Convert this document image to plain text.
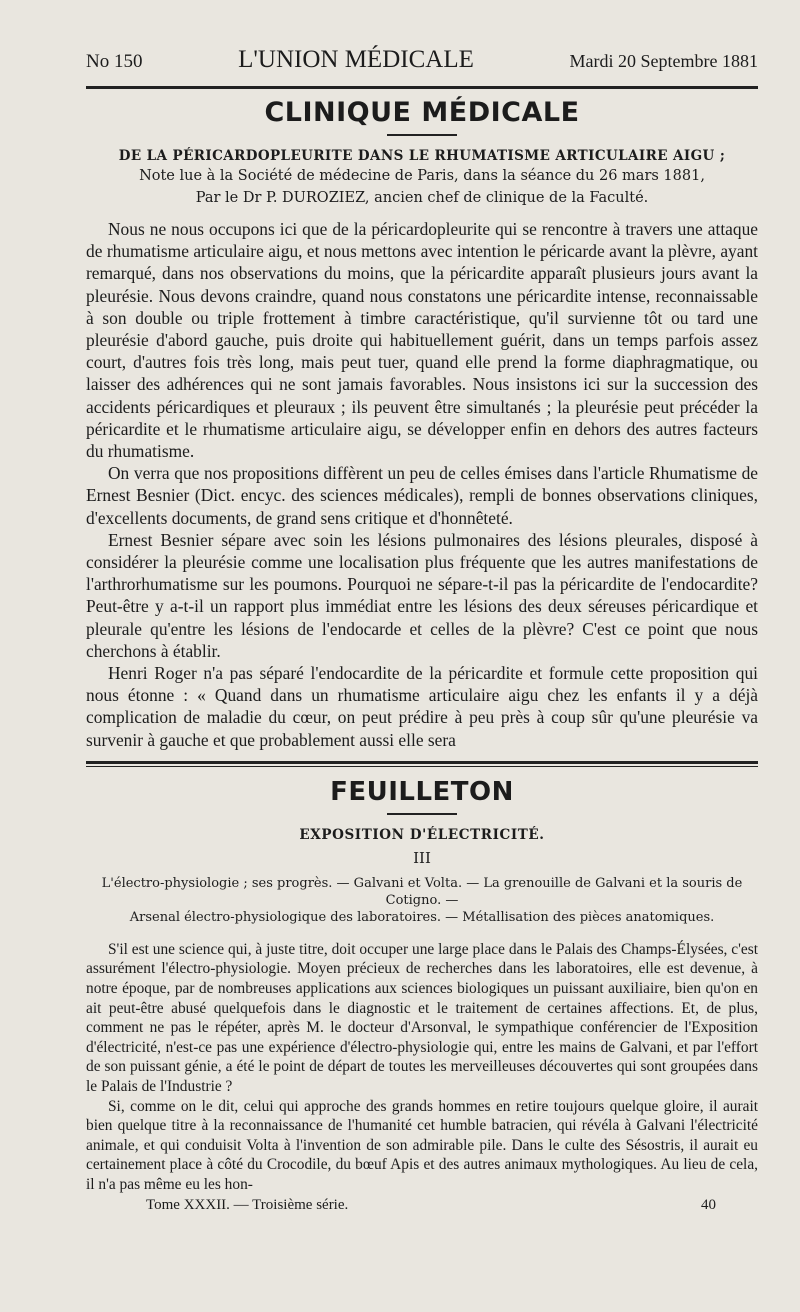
No 150	L'UNION MÉDICALE	Mardi 20 Septembre 1881
CLINIQUE MÉDICALE

DE LA PÉRICARDOPLEURITE DANS LE RHUMATISME ARTICULAIRE AIGU ;

Note lue à la Société de médecine de Paris, dans la séance du 26 mars 1881,

Par le Dr P. DUROZIEZ, ancien chef de clinique de la Faculté.

Nous ne nous occupons ici que de la péricardopleurite qui se rencontre à travers une attaque de rhumatisme articulaire aigu, et nous mettons avec intention le péricarde avant la plèvre, ayant remarqué, dans nos observations du moins, que la péricardite apparaît plusieurs jours avant la pleurésie. Nous devons craindre, quand nous constatons une péricardite intense, reconnaissable à son double ou triple frottement à timbre caractéristique, qu'il survienne tôt ou tard une pleurésie d'abord gauche, puis droite qui habituellement guérit, dans un temps parfois assez court, d'autres fois très long, mais peut tuer, quand elle prend la forme diaphragmatique, ou laisser des adhérences qui ne sont jamais favorables. Nous insistons ici sur la succession des accidents péricardiques et pleuraux ; ils peuvent être simultanés ; la pleurésie peut précéder la péricardite et le rhumatisme articulaire aigu, se développer enfin en dehors des autres facteurs du rhumatisme.

On verra que nos propositions diffèrent un peu de celles émises dans l'article Rhumatisme de Ernest Besnier (Dict. encyc. des sciences médicales), rempli de bonnes observations cliniques, d'excellents documents, de grand sens critique et d'honnêteté.

Ernest Besnier sépare avec soin les lésions pulmonaires des lésions pleurales, disposé à considérer la pleurésie comme une localisation plus fréquente que les autres manifestations de l'arthrorhumatisme sur les poumons. Pourquoi ne sépare-t-il pas la péricardite de l'endocardite? Peut-être y a-t-il un rapport plus immédiat entre les lésions des deux séreuses péricardique et pleurale qu'entre les lésions de l'endocarde et celles de la plèvre? C'est ce point que nous cherchons à établir.

Henri Roger n'a pas séparé l'endocardite de la péricardite et formule cette proposition qui nous étonne : « Quand dans un rhumatisme articulaire aigu chez les enfants il y a déjà complication de maladie du cœur, on peut prédire à peu près à coup sûr qu'une pleurésie va survenir à gauche et que probablement aussi elle sera

FEUILLETON

EXPOSITION D'ÉLECTRICITÉ.

III

L'électro-physiologie ; ses progrès. — Galvani et Volta. — La grenouille de Galvani et la souris de Cotigno. —
Arsenal électro-physiologique des laboratoires. — Métallisation des pièces anatomiques.

S'il est une science qui, à juste titre, doit occuper une large place dans le Palais des Champs-Élysées, c'est assurément l'électro-physiologie. Moyen précieux de recherches dans les laboratoires, elle est devenue, à notre époque, par de nombreuses applications aux sciences biologiques un puissant auxiliaire, bien qu'on en ait peut-être abusé quelquefois dans le diagnostic et le traitement de certaines affections. Et, de plus, comment ne pas le répéter, après M. le docteur d'Arsonval, le sympathique conférencier de l'Exposition d'électricité, n'est-ce pas une expérience d'électro-physiologie qui, entre les mains de Galvani, et par l'effort de son puissant génie, a été le point de départ de toutes les merveilleuses découvertes qui sont groupées dans le Palais de l'Industrie ?

Si, comme on le dit, celui qui approche des grands hommes en retire toujours quelque gloire, il aurait bien quelque titre à la reconnaissance de l'humanité cet humble batracien, qui révéla à Galvani l'électricité animale, et qui conduisit Volta à l'invention de son admirable pile. Dans le culte des Sésostris, il aurait eu certainement place à côté du Crocodile, du bœuf Apis et des autres animaux mythologiques. Au lieu de cela, il n'a pas même eu les hon-

Tome XXXII. — Troisième série.	40
